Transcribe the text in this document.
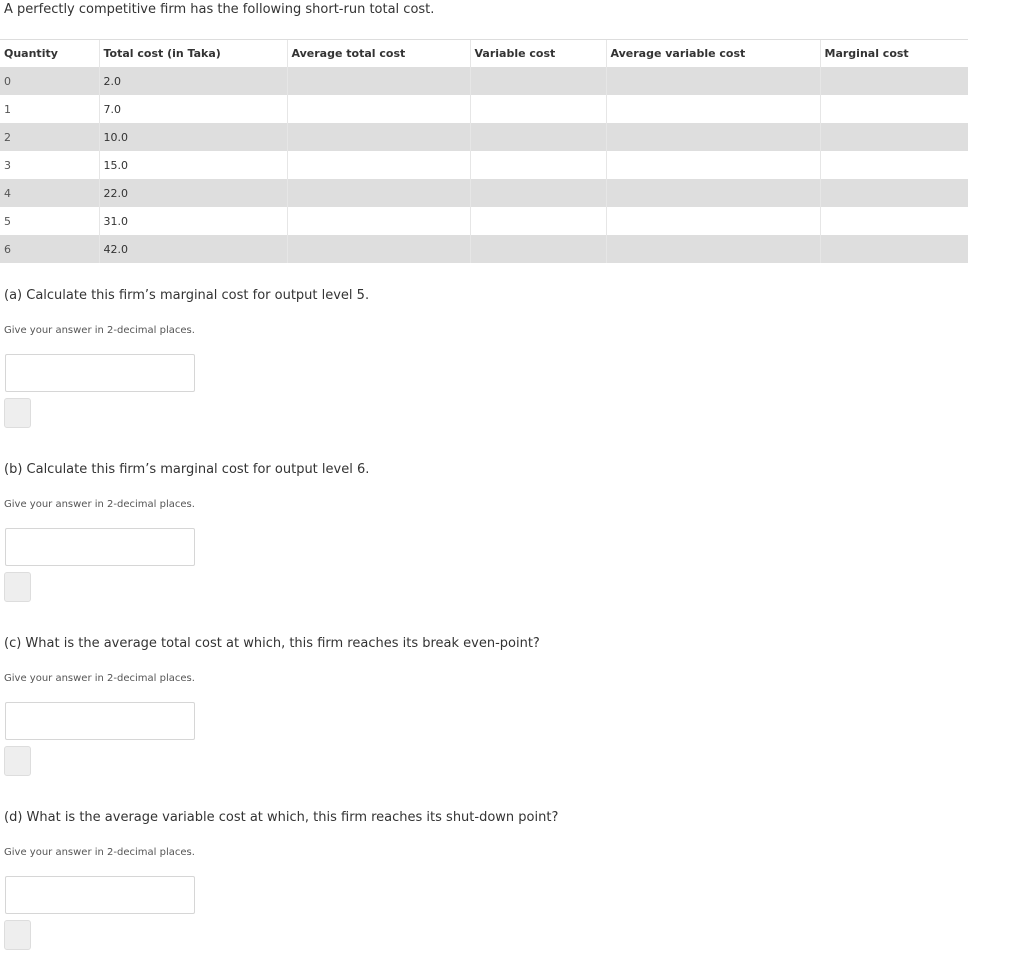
A perfectly competitive firm has the following short-run total cost.
Quantity	Total cost (in Taka)	Average total cost	Variable cost	Average variable cost	Marginal cost
0	2.0				
1	7.0				
2	10.0				
3	15.0				
4	22.0				
5	31.0				
6	42.0				

(a) Calculate this firm’s marginal cost for output level 5.

Give your answer in 2-decimal places.

(b) Calculate this firm’s marginal cost for output level 6.

Give your answer in 2-decimal places.

(c) What is the average total cost at which, this firm reaches its break even-point?

Give your answer in 2-decimal places.

(d) What is the average variable cost at which, this firm reaches its shut-down point?

Give your answer in 2-decimal places.
